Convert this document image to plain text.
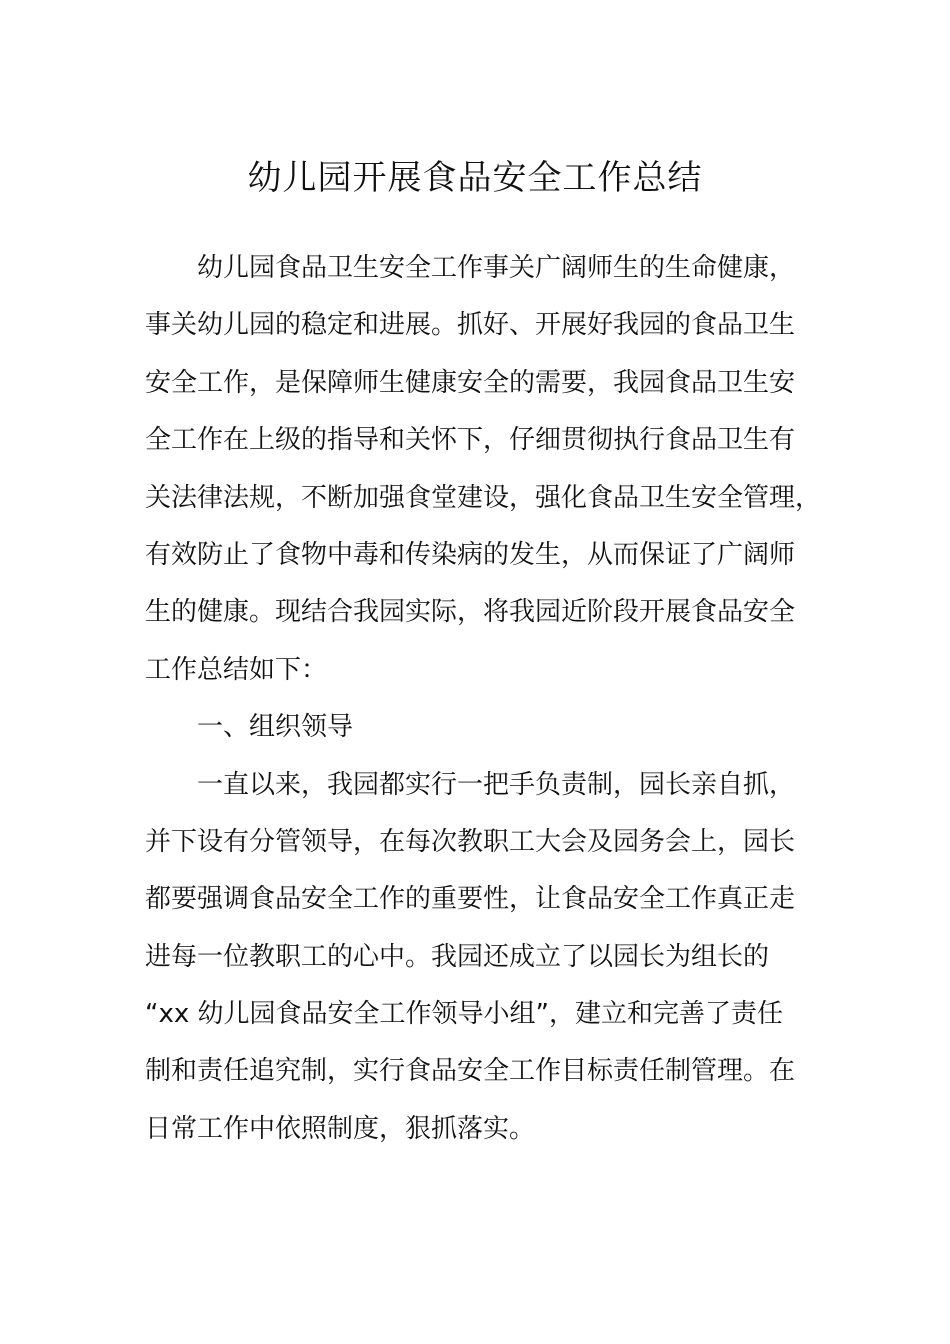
幼儿园开展食品安全工作总结
幼儿园食品卫生安全工作事关广阔师生的生命健康，
事关幼儿园的稳定和进展。抓好、开展好我园的食品卫生
安全工作，是保障师生健康安全的需要，我园食品卫生安
全工作在上级的指导和关怀下，仔细贯彻执行食品卫生有
关法律法规，不断加强食堂建设，强化食品卫生安全管理，
有效防止了食物中毒和传染病的发生，从而保证了广阔师
生的健康。现结合我园实际，将我园近阶段开展食品安全
工作总结如下：
一、组织领导
一直以来，我园都实行一把手负责制，园长亲自抓，
并下设有分管领导，在每次教职工大会及园务会上，园长
都要强调食品安全工作的重要性，让食品安全工作真正走
进每一位教职工的心中。我园还成立了以园长为组长的
“xx 幼儿园食品安全工作领导小组”，建立和完善了责任
制和责任追究制，实行食品安全工作目标责任制管理。在
日常工作中依照制度，狠抓落实。
